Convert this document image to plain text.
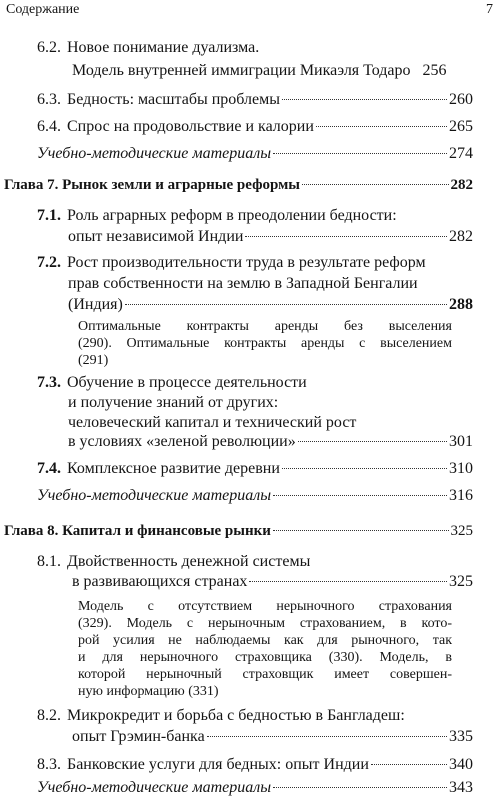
Содержание	7
6.2. Новое понимание дуализма.
Модель внутренней иммиграции Микаэля Тодаро 256
6.3. Бедность: масштабы проблемы	260
6.4. Спрос на продовольствие и калории	265
Учебно-методические материалы	274
Глава 7. Рынок земли и аграрные реформы	282
7.1. Роль аграрных реформ в преодолении бедности:
опыт независимой Индии	282
7.2. Рост производительности труда в результате реформ
прав собственности на землю в Западной Бенгалии
(Индия)	288
Оптимальные контракты аренды без выселения
(290). Оптимальные контракты аренды с выселением
(291)
7.3. Обучение в процессе деятельности
и получение знаний от других:
человеческий капитал и технический рост
в условиях «зеленой революции»	301
7.4. Комплексное развитие деревни	310
Учебно-методические материалы	316
Глава 8. Капитал и финансовые рынки	325
8.1. Двойственность денежной системы
в развивающихся странах	325
Модель с отсутствием нерыночного страхования
(329). Модель с нерыночным страхованием, в кото-
рой усилия не наблюдаемы как для рыночного, так
и для нерыночного страховщика (330). Модель, в
которой нерыночный страховщик имеет совершен-
ную информацию (331)
8.2. Микрокредит и борьба с бедностью в Бангладеш:
опыт Грэмин-банка	335
8.3. Банковские услуги для бедных: опыт Индии	340
Учебно-методические материалы	343
